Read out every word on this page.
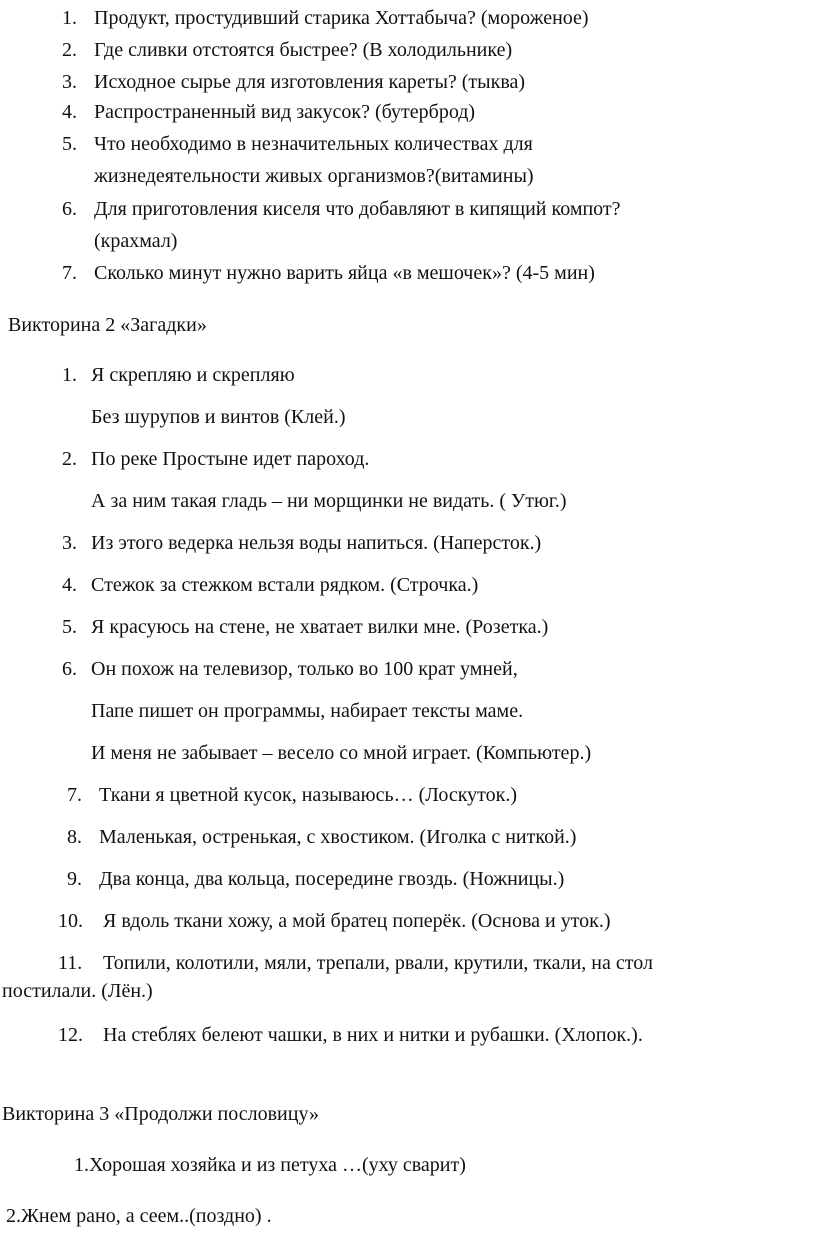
1. Продукт, простудивший старика Хоттабыча? (мороженое)
2. Где сливки отстоятся быстрее? (В холодильнике)
3. Исходное сырье для изготовления кареты? (тыква)
4. Распространенный вид закусок? (бутерброд)
5. Что необходимо в незначительных количествах для
жизнедеятельности живых организмов?(витамины)
6. Для приготовления киселя что добавляют в кипящий компот?
(крахмал)
7. Сколько минут нужно варить яйца «в мешочек»? (4-5 мин)
Викторина 2 «Загадки»
1. Я скрепляю и скрепляю
Без шурупов и винтов (Клей.)
2. По реке Простыне идет пароход.
А за ним такая гладь – ни морщинки не видать. ( Утюг.)
3. Из этого ведерка нельзя воды напиться. (Наперсток.)
4. Стежок за стежком встали рядком. (Строчка.)
5. Я красуюсь на стене, не хватает вилки мне. (Розетка.)
6. Он похож на телевизор, только во 100 крат умней,
Папе пишет он программы, набирает тексты маме.
И меня не забывает – весело со мной играет. (Компьютер.)
7. Ткани я цветной кусок, называюсь… (Лоскуток.)
8. Маленькая, остренькая, с хвостиком. (Иголка с ниткой.)
9. Два конца, два кольца, посередине гвоздь. (Ножницы.)
10. Я вдоль ткани хожу, а мой братец поперёк. (Основа и уток.)
11. Топили, колотили, мяли, трепали, рвали, крутили, ткали, на стол
постилали. (Лён.)
12. На стеблях белеют чашки, в них и нитки и рубашки. (Хлопок.).
Викторина 3 «Продолжи пословицу»
1.Хорошая хозяйка и из петуха …(уху сварит)
2.Жнем рано, а сеем..(поздно) .
